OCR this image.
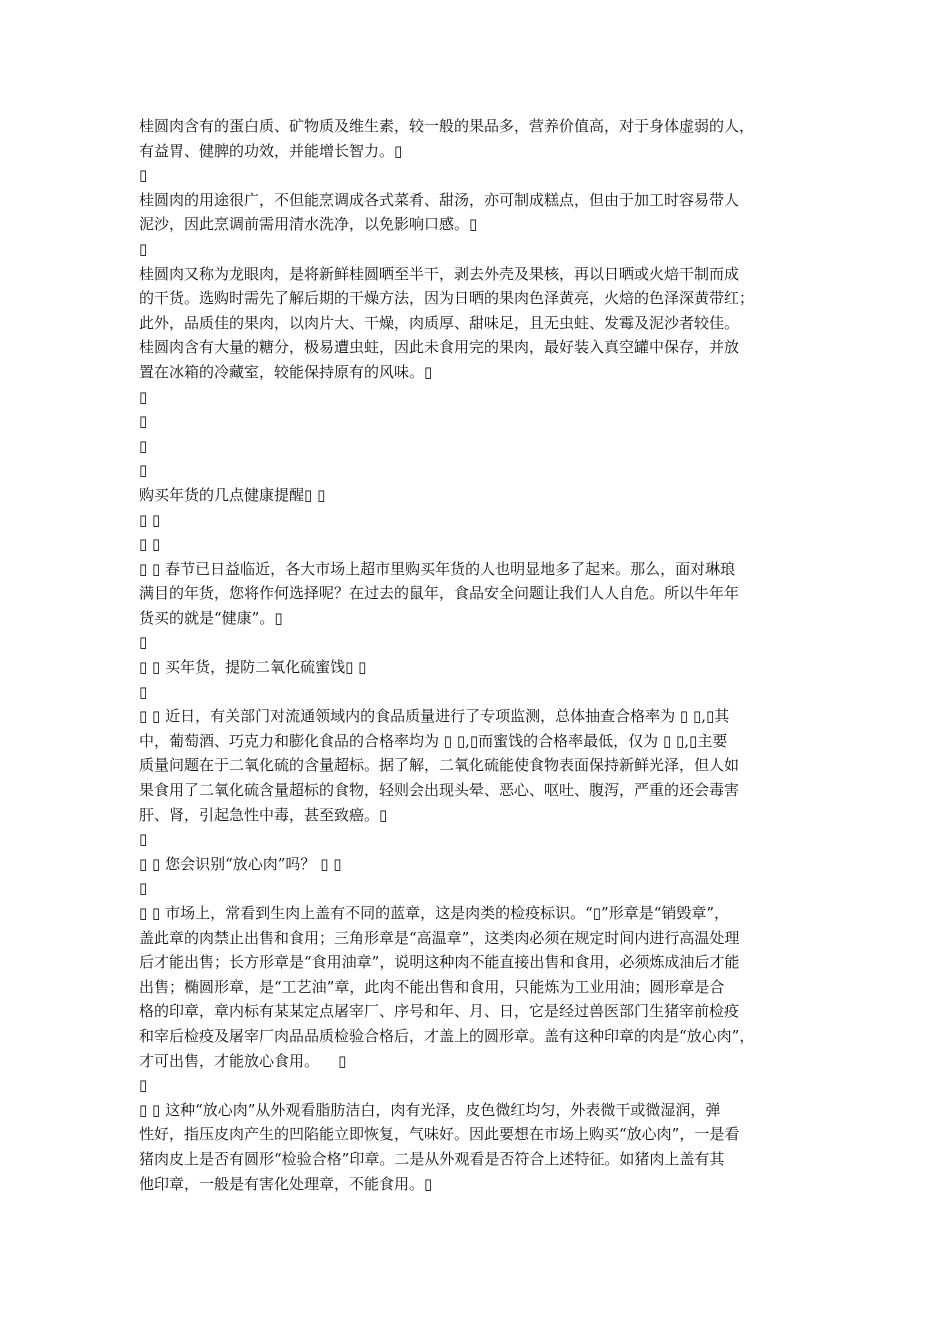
桂圆肉含有的蛋白质、矿物质及维生素，较一般的果品多，营养价值高，对于身体虚弱的人，

有益胃、健脾的功效，并能增长智力。▯

▯

桂圆肉的用途很广，不但能烹调成各式菜肴、甜汤，亦可制成糕点，但由于加工时容易带人

泥沙，因此烹调前需用清水洗净，以免影响口感。▯

▯

桂圆肉又称为龙眼肉，是将新鲜桂圆晒至半干，剥去外壳及果核，再以日晒或火焙干制而成

的干货。选购时需先了解后期的干燥方法，因为日晒的果肉色泽黄亮，火焙的色泽深黄带红；

此外，品质佳的果肉，以肉片大、干燥，肉质厚、甜味足，且无虫蛀、发霉及泥沙者较佳。

桂圆肉含有大量的糖分，极易遭虫蛀，因此未食用完的果肉，最好装入真空罐中保存，并放

置在冰箱的冷藏室，较能保持原有的风味。▯

▯

▯

▯

▯

购买年货的几点健康提醒▯ ▯

▯ ▯

▯ ▯

▯ ▯ 春节已日益临近，各大市场上超市里购买年货的人也明显地多了起来。那么，面对琳琅

满目的年货，您将作何选择呢？在过去的鼠年，食品安全问题让我们人人自危。所以牛年年

货买的就是“健康”。▯

▯

▯ ▯ 买年货，提防二氧化硫蜜饯▯ ▯

▯

▯ ▯ 近日，有关部门对流通领域内的食品质量进行了专项监测，总体抽查合格率为 ▯ ▯,▯其

中，葡萄酒、巧克力和膨化食品的合格率均为 ▯ ▯,▯而蜜饯的合格率最低，仅为 ▯ ▯,▯主要

质量问题在于二氧化硫的含量超标。据了解，二氧化硫能使食物表面保持新鲜光泽，但人如

果食用了二氧化硫含量超标的食物，轻则会出现头晕、恶心、呕吐、腹泻，严重的还会毒害

肝、肾，引起急性中毒，甚至致癌。▯

▯

▯ ▯ 您会识别“放心肉”吗？ ▯ ▯

▯

▯ ▯ 市场上，常看到生肉上盖有不同的蓝章，这是肉类的检疫标识。“▯”形章是“销毁章”，

盖此章的肉禁止出售和食用；三角形章是“高温章”，这类肉必须在规定时间内进行高温处理

后才能出售；长方形章是“食用油章”，说明这种肉不能直接出售和食用，必须炼成油后才能

出售；椭圆形章，是“工艺油”章，此肉不能出售和食用，只能炼为工业用油；圆形章是合

格的印章，章内标有某某定点屠宰厂、序号和年、月、日，它是经过兽医部门生猪宰前检疫

和宰后检疫及屠宰厂肉品品质检验合格后，才盖上的圆形章。盖有这种印章的肉是“放心肉”，

才可出售，才能放心食用。 ▯

▯

▯ ▯ 这种“放心肉”从外观看脂肪洁白，肉有光泽，皮色微红均匀，外表微干或微湿润，弹

性好，指压皮肉产生的凹陷能立即恢复，气味好。因此要想在市场上购买“放心肉”，一是看

猪肉皮上是否有圆形“检验合格”印章。二是从外观看是否符合上述特征。如猪肉上盖有其

他印章，一般是有害化处理章，不能食用。▯
